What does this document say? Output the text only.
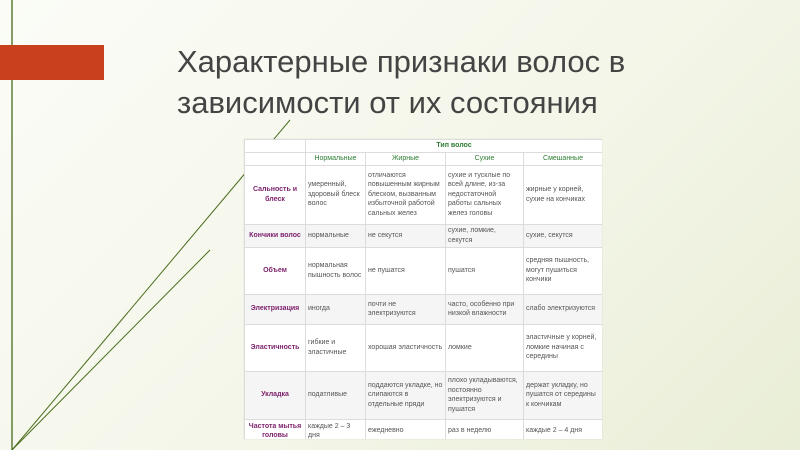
Характерные признаки волос в
зависимости от их состояния
	Тип волос			
	Нормальные	Жирные	Сухие	Смешанные
Сальность и блеск	умеренный, здоровый блеск волос	отличаются повышенным жирным блеском, вызванным избыточной работой сальных желез	сухие и тусклые по всей длине, из-за недостаточной работы сальных желез головы	жирные у корней, сухие на кончиках
Кончики волос	нормальные	не секутся	сухие, ломкие, секутся	сухие, секутся
Объем	нормальная пышность волос	не пушатся	пушатся	средняя пышность, могут пушиться кончики
Электризация	иногда	почти не электризуются	часто, особенно при низкой влажности	слабо электризуются
Эластичность	гибкие и эластичные	хорошая эластичность	ломкие	эластичные у корней, ломкие начиная с середины
Укладка	податливые	поддаются укладке, но слипаются в отдельные пряди	плохо укладываются, постоянно электризуются и пушатся	держат укладку, но пушатся от середины к кончикам
Частота мытья головы	каждые 2 – 3 дня	ежедневно	раз в неделю	каждые 2 – 4 дня
